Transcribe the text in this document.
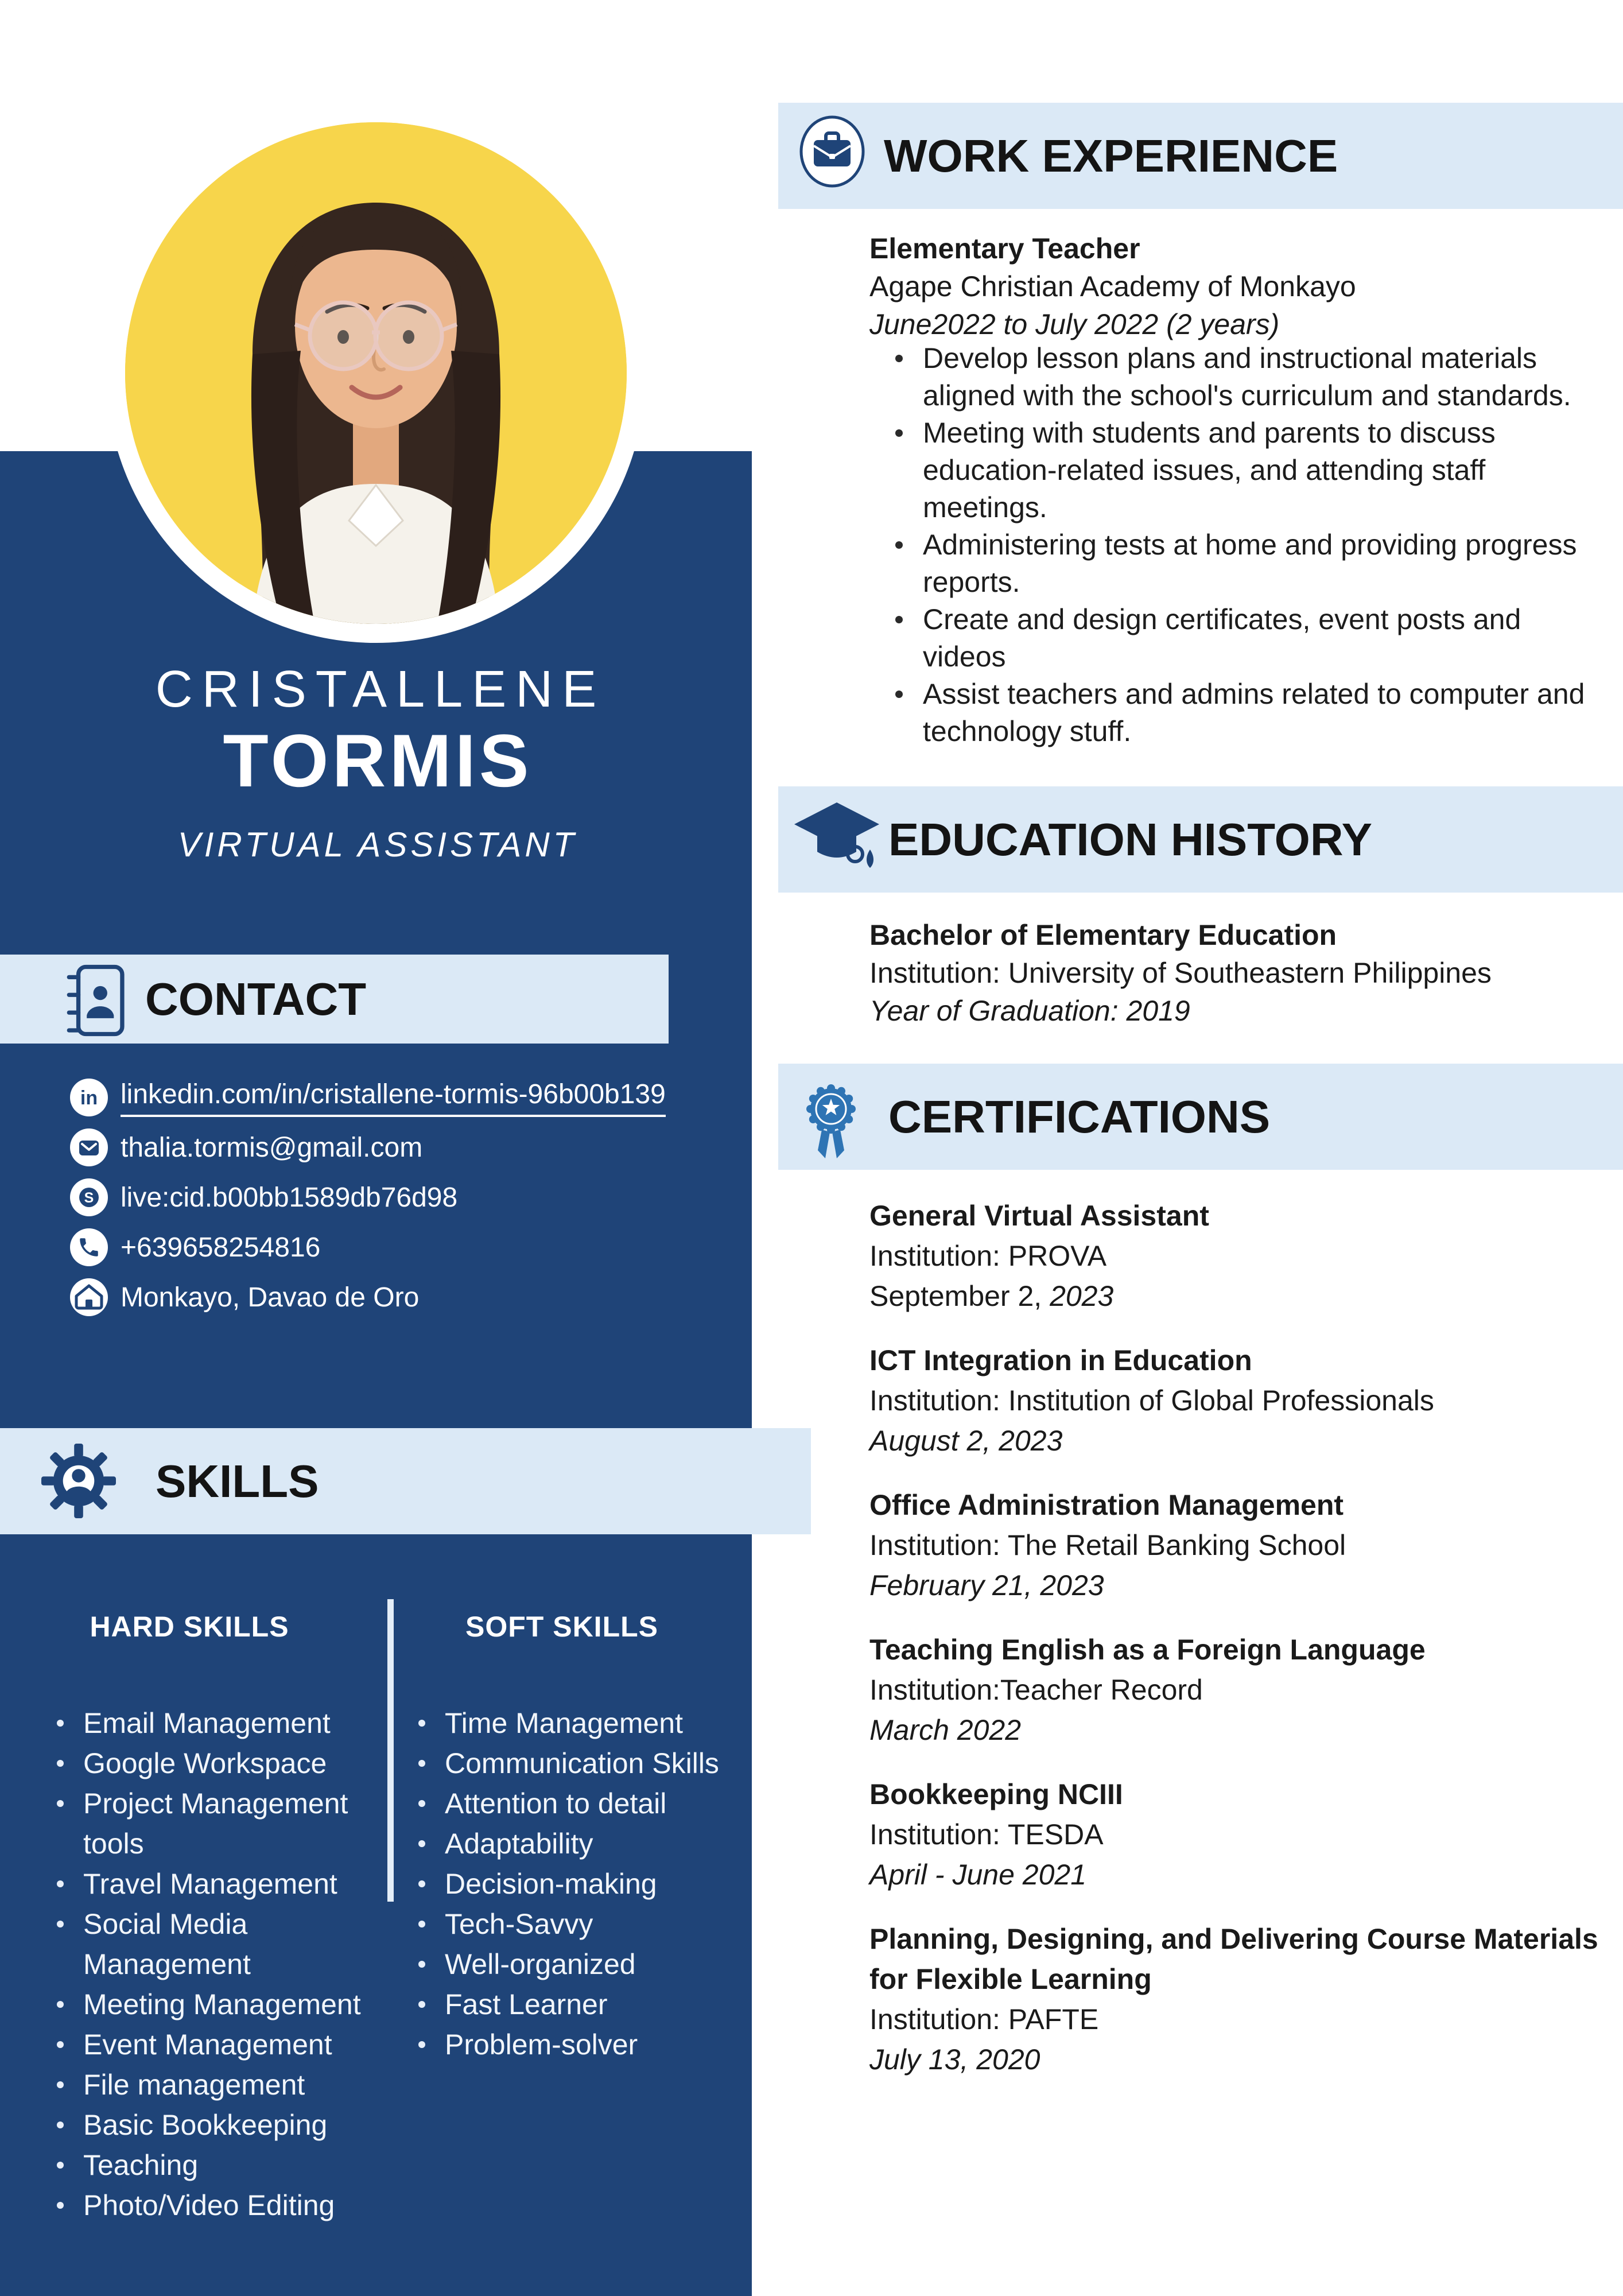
CRISTALLENE
TORMIS
VIRTUAL ASSISTANT
CONTACT
in linkedin.com/in/cristallene-tormis-96b00b139
thalia.tormis@gmail.com
S live:cid.b00bb1589db76d98
+639658254816
Monkayo, Davao de Oro
SKILLS
HARD SKILLS	SOFT SKILLS
Email Management
Google Workspace
Project Management tools
Travel Management
Social Media Management
Meeting Management
Event Management
File management
Basic Bookkeeping
Teaching
Photo/Video Editing
Time Management
Communication Skills
Attention to detail
Adaptability
Decision-making
Tech-Savvy
Well-organized
Fast Learner
Problem-solver
WORK EXPERIENCE

Elementary Teacher

Agape Christian Academy of Monkayo

June2022 to July 2022 (2 years)

Develop lesson plans and instructional materials aligned with the school's curriculum and standards.
Meeting with students and parents to discuss education-related issues, and attending staff meetings.
Administering tests at home and providing progress reports.
Create and design certificates, event posts and videos
Assist teachers and admins related to computer and technology stuff.
EDUCATION HISTORY

Bachelor of Elementary Education

Institution: University of Southeastern Philippines

Year of Graduation: 2019

CERTIFICATIONS

General Virtual Assistant

Institution: PROVA

September 2, 2023

ICT Integration in Education

Institution: Institution of Global Professionals

August 2, 2023

Office Administration Management

Institution: The Retail Banking School

February 21, 2023

Teaching English as a Foreign Language

Institution:Teacher Record

March 2022

Bookkeeping NCIII

Institution: TESDA

April - June 2021

Planning, Designing, and Delivering Course Materials for Flexible Learning

Institution: PAFTE

July 13, 2020
